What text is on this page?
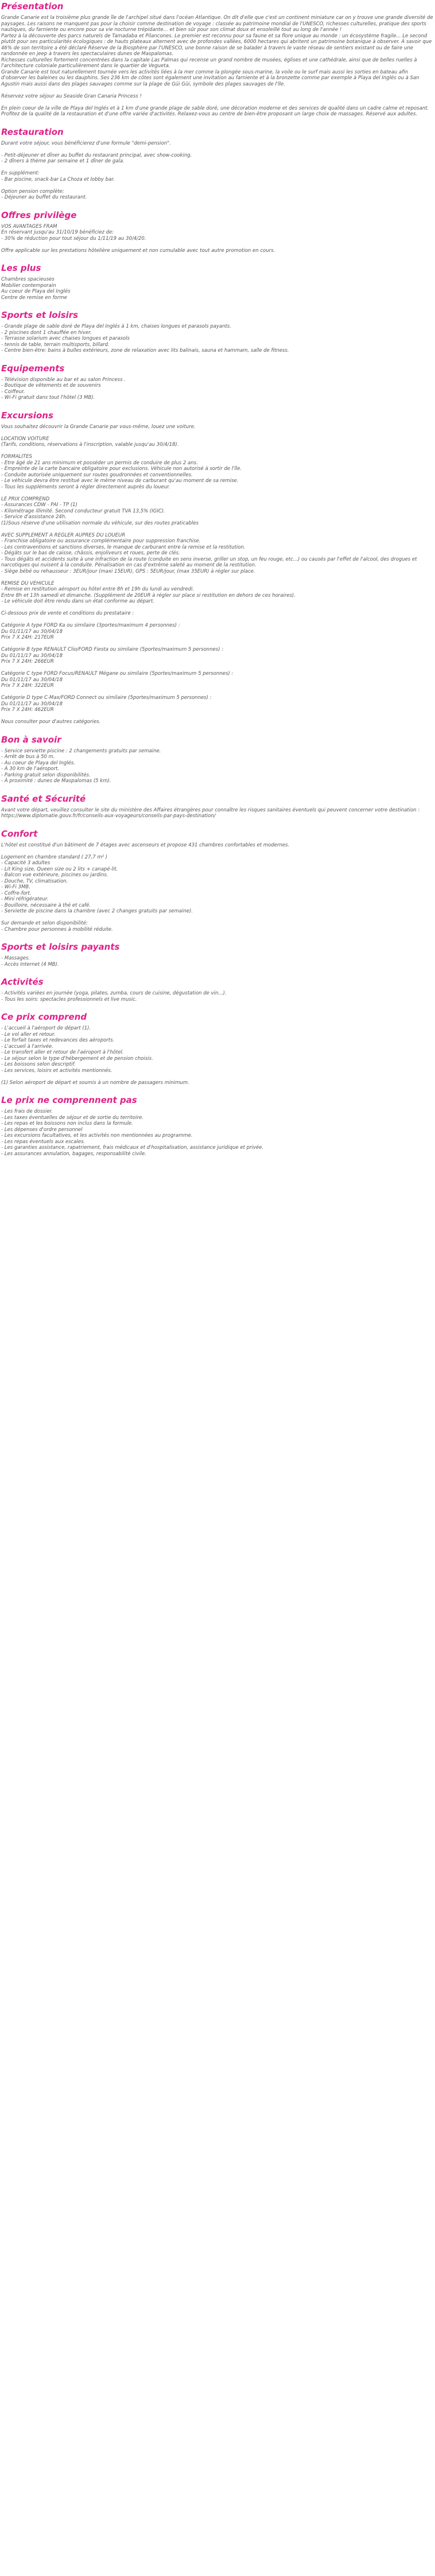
Présentation

Grande Canarie est la troisième plus grande île de l'archipel situé dans l'océan Atlantique. On dit d'elle que c'est un continent miniature car on y trouve une grande diversité de paysages. Les raisons ne manquent pas pour la choisir comme destination de voyage : classée au patrimoine mondial de l'UNESCO, richesses culturelles, pratique des sports nautiques, du farniente ou encore pour sa vie nocturne trépidante... et bien sûr pour son climat doux et ensoleillé tout au long de l'année !
Partez à la découverte des parcs naturels de Tamadaba et Pilancones. Le premier est reconnu pour sa faune et sa flore unique au monde : un écosystème fragile... Le second plutôt pour ses particularités écologiques : de hauts plateaux alternent avec de profondes vallées, 6000 hectares qui abritent un patrimoine botanique à observer. À savoir que 46% de son territoire a été déclaré Réserve de la Biosphère par l'UNESCO, une bonne raison de se balader à travers le vaste réseau de sentiers existant ou de faire une randonnée en jeep à travers les spectaculaires dunes de Maspalomas.
Richesses culturelles fortement concentrées dans la capitale Las Palmas qui recense un grand nombre de musées, églises et une cathédrale, ainsi que de belles ruelles à l'architecture coloniale particulièrement dans le quartier de Vegueta.
Grande Canarie est tout naturellement tournée vers les activités liées à la mer comme la plongée sous-marine, la voile ou le surf mais aussi les sorties en bateau afin d'observer les baleines ou les dauphins. Ses 236 km de côtes sont également une invitation au farniente et à la bronzette comme par exemple à Playa del Inglés ou à San Agustin mais aussi dans des plages sauvages comme sur la plage de Güi Güi, symbole des plages sauvages de l'île.

Réservez votre séjour au Seaside Gran Canaria Princess !

En plein coeur de la ville de Playa del Inglés et à 1 km d'une grande plage de sable doré, une décoration moderne et des services de qualité dans un cadre calme et reposant. Profitez de la qualité de la restauration et d'une offre variée d'activités. Relaxez-vous au centre de bien-être proposant un large choix de massages. Réservé aux adultes.

Restauration

Durant votre séjour, vous bénéficierez d'une formule "demi-pension".

- Petit-déjeuner et dîner au buffet du restaurant principal, avec show-cooking.
- 2 dîners à thème par semaine et 1 dîner de gala.

En supplément:
- Bar piscine, snack-bar La Choza et lobby bar.

Option pension complète:
- Déjeuner au buffet du restaurant.

Offres privilège

VOS AVANTAGES FRAM
En réservant jusqu'au 31/10/19 bénéficiez de:
- 30% de réduction pour tout séjour du 1/11/19 au 30/4/20.

Offre applicable sur les prestations hôtelière uniquement et non cumulable avec tout autre promotion en cours.

Les plus

Chambres spacieuses
Mobilier contemporain
Au coeur de Playa del Inglés
Centre de remise en forme

Sports et loisirs

- Grande plage de sable doré de Playa del Inglés à 1 km, chaises longues et parasols payants.
- 2 piscines dont 1 chauffée en hiver.
- Terrasse solarium avec chaises longues et parasols
- tennis de table, terrain multisports, billard.
- Centre bien-être: bains à bulles extérieurs, zone de relaxation avec lits balinais, sauna et hammam, salle de fitness.

Equipements

- Télévision disponible au bar et au salon Princess .
- Boutique de vêtements et de souvenirs
- Coiffeur.
- Wi-Fi gratuit dans tout l'hôtel (3 MB).

Excursions

Vous souhaitez découvrir la Grande Canarie par vous-même, louez une voiture.

LOCATION VOITURE
(Tarifs, conditions, réservations à l'inscription, valable jusqu'au 30/4/18).

FORMALITES
- Etre âgé de 21 ans minimum et posséder un permis de conduire de plus 2 ans.
- Empreinte de la carte bancaire obligatoire pour exclusions. Véhicule non autorisé à sortir de l'île.
- Conduite autorisée uniquement sur routes goudronnées et conventionnelles.
- Le véhicule devra être restitué avec le même niveau de carburant qu'au moment de sa remise.
- Tous les suppléments seront à régler directement auprès du loueur.

LE PRIX COMPREND
- Assurances CDW - PAI - TP (1)
- Kilométrage illimité. Second conducteur gratuit TVA 13,5% (IGIC).
- Service d'assistance 24h.
(1)Sous réserve d'une utilisation normale du véhicule, sur des routes praticables

AVEC SUPPLEMENT A REGLER AUPRES DU LOUEUR
- Franchise obligatoire ou assurance complémentaire pour suppression franchise.
- Les contraventions et sanctions diverses, le manque de carburant entre la remise et la restitution.
- Dégâts sur le bas de caisse, châssis, enjoliveurs et roues, perte de clés.
- Tous dégâts et accidents suite à une infraction de la route (conduite en sens inverse, griller un stop, un feu rouge, etc...) ou causés par l'effet de l'alcool, des drogues et narcotiques qui nuisent à la conduite. Pénalisation en cas d'extrême saleté au moment de la restitution.
- Siège bébé ou rehausseur : 3EUR/jour (maxi 15EUR), GPS : 5EUR/jour, (max 35EUR) à régler sur place.

REMISE DU VEHICULE
- Remise en restitution aéroport ou hôtel entre 8h et 19h du lundi au vendredi.
Entre 8h et 13h samedi et dimanche. (Supplément de 20EUR à régler sur place si restitution en dehors de ces horaires).
- Le véhicule doit être rendu dans un état conforme au départ.

Ci-dessous prix de vente et conditions du prestataire :

Catégorie A type FORD Ka ou similaire (3portes/maximum 4 personnes) :
Du 01/11/17 au 30/04/18
Prix 7 X 24H: 217EUR

Catégorie B type RENAULT Clio/FORD Fiesta ou similaire (5portes/maximum 5 personnes) :
Du 01/11/17 au 30/04/18
Prix 7 X 24H: 266EUR

Catégorie C type FORD Focus/RENAULT Mégane ou similaire (5portes/maximum 5 personnes) :
Du 01/11/17 au 30/04/18
Prix 7 X 24H: 322EUR

Catégorie D type C-Max/FORD Connect ou similaire (5portes/maximum 5 personnes) :
Du 01/11/17 au 30/04/18
Prix 7 X 24H: 462EUR

Nous consulter pour d'autres catégories.

Bon à savoir

- Service serviette piscine : 2 changements gratuits par semaine.
- Arrêt de bus à 50 m.
- Au coeur de Playa del Inglés.
- À 30 km de l'aéroport.
- Parking gratuit selon disponibilités.
- À proximité : dunes de Maspalomas (5 km).

Santé et Sécurité

Avant votre départ, veuillez consulter le site du ministère des Affaires étrangères pour connaître les risques sanitaires éventuels qui peuvent concerner votre destination : https://www.diplomatie.gouv.fr/fr/conseils-aux-voyageurs/conseils-par-pays-destination/

Confort

L'hôtel est constitué d'un bâtiment de 7 étages avec ascenseurs et propose 431 chambres confortables et modernes.

Logement en chambre standard ( 27,7 m² )
- Capacité 3 adultes
- Lit King size, Queen size ou 2 lits + canapé-lit.
- Balcon vue extérieure, piscines ou jardins.
- Douche, TV, climatisation.
- Wi-Fi 3MB.
- Coffre-fort.
- Mini réfrigérateur.
- Bouilloire, nécessaire à thé et café.
- Serviette de piscine dans la chambre (avec 2 changes gratuits par semaine).

Sur demande et selon disponibilité:
- Chambre pour personnes à mobilité réduite.

Sports et loisirs payants

- Massages.
- Accès Internet (4 MB).

Activités

- Activités variées en journée (yoga, pilates, zumba, cours de cuisine, dégustation de vin...).
- Tous les soirs: spectacles professionnels et live music.

Ce prix comprend

- L'accueil à l'aéroport de départ (1).
- Le vol aller et retour.
- Le forfait taxes et redevances des aéroports.
- L'accueil à l'arrivée.
- Le transfert aller et retour de l'aéroport à l'hôtel.
- Le séjour selon le type d'hébergement et de pension choisis.
- Les boissons selon descriptif.
- Les services, loisirs et activités mentionnés.

(1) Selon aéroport de départ et soumis à un nombre de passagers minimum.

Le prix ne comprennent pas

- Les frais de dossier.
- Les taxes éventuelles de séjour et de sortie du territoire.
- Les repas et les boissons non inclus dans la formule.
- Les dépenses d'ordre personnel
- Les excursions facultatives, et les activités non mentionnées au programme.
- Les repas éventuels aux escales.
- Les garanties assistance, rapatriement, frais médicaux et d'hospitalisation, assistance juridique et privée.
- Les assurances annulation, bagages, responsabilité civile.
